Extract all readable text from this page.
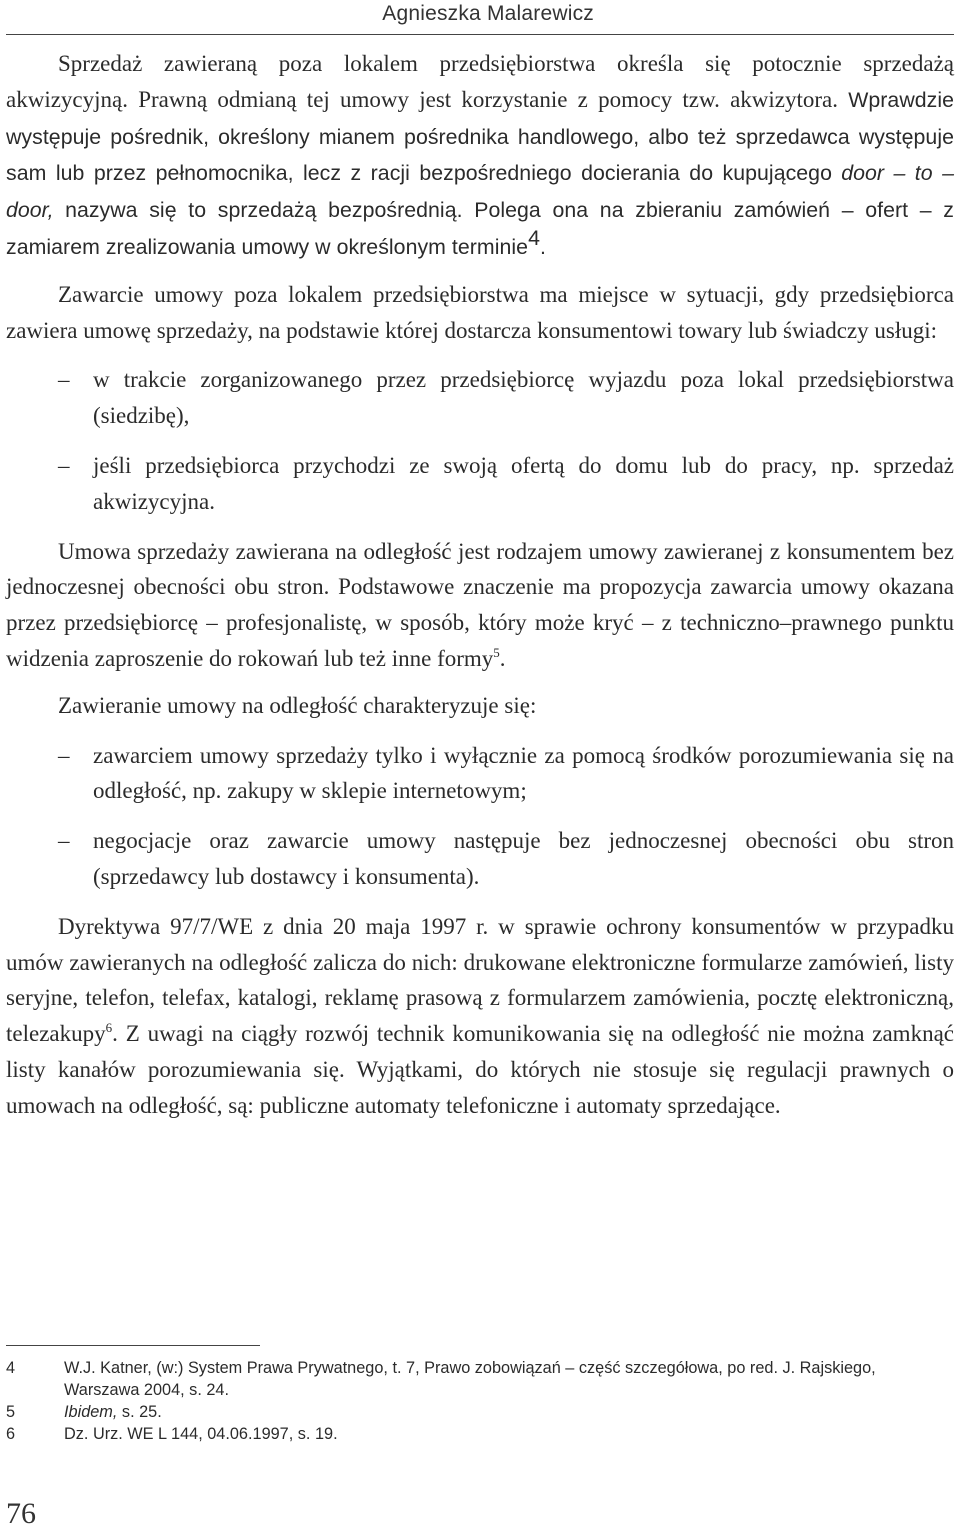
Agnieszka Malarewicz

Sprzedaż zawieraną poza lokalem przedsiębiorstwa określa się potocznie sprzedażą akwizycyjną. Prawną odmianą tej umowy jest korzystanie z pomocy tzw. akwizytora. Wprawdzie występuje pośrednik, określony mianem pośrednika handlowego, albo też sprzedawca występuje sam lub przez pełnomocnika, lecz z racji bezpośredniego docierania do kupującego door – to – door, nazywa się to sprzedażą bezpośrednią. Polega ona na zbieraniu zamówień – ofert – z zamiarem zrealizowania umowy w określonym terminie$^4$.

Zawarcie umowy poza lokalem przedsiębiorstwa ma miejsce w sytuacji, gdy przedsiębiorca zawiera umowę sprzedaży, na podstawie której dostarcza konsumentowi towary lub świadczy usługi:

– w trakcie zorganizowanego przez przedsiębiorcę wyjazdu poza lokal przedsiębiorstwa (siedzibę),
– jeśli przedsiębiorca przychodzi ze swoją ofertą do domu lub do pracy, np. sprzedaż akwizycyjna.

Umowa sprzedaży zawierana na odległość jest rodzajem umowy zawieranej z konsumentem bez jednoczesnej obecności obu stron. Podstawowe znaczenie ma propozycja zawarcia umowy okazana przez przedsiębiorcę – profesjonalistę, w sposób, który może kryć – z techniczno–prawnego punktu widzenia zaproszenie do rokowań lub też inne formy$^5$.

Zawieranie umowy na odległość charakteryzuje się:

– zawarciem umowy sprzedaży tylko i wyłącznie za pomocą środków porozumiewania się na odległość, np. zakupy w sklepie internetowym;
– negocjacje oraz zawarcie umowy następuje bez jednoczesnej obecności obu stron (sprzedawcy lub dostawcy i konsumenta).

Dyrektywa 97/7/WE z dnia 20 maja 1997 r. w sprawie ochrony konsumentów w przypadku umów zawieranych na odległość zalicza do nich: drukowane elektroniczne formularze zamówień, listy seryjne, telefon, telefax, katalogi, reklamę prasową z formularzem zamówienia, pocztę elektroniczną, telezakupy$^6$. Z uwagi na ciągły rozwój technik komunikowania się na odległość nie można zamknąć listy kanałów porozumiewania się. Wyjątkami, do których nie stosuje się regulacji prawnych o umowach na odległość, są: publiczne automaty telefoniczne i automaty sprzedające.

4	W.J. Katner, (w:) System Prawa Prywatnego, t. 7, Prawo zobowiązań – część szczegółowa, po red. J. Rajskiego, Warszawa 2004, s. 24.
5	Ibidem, s. 25.
6	Dz. Urz. WE L 144, 04.06.1997, s. 19.
76
